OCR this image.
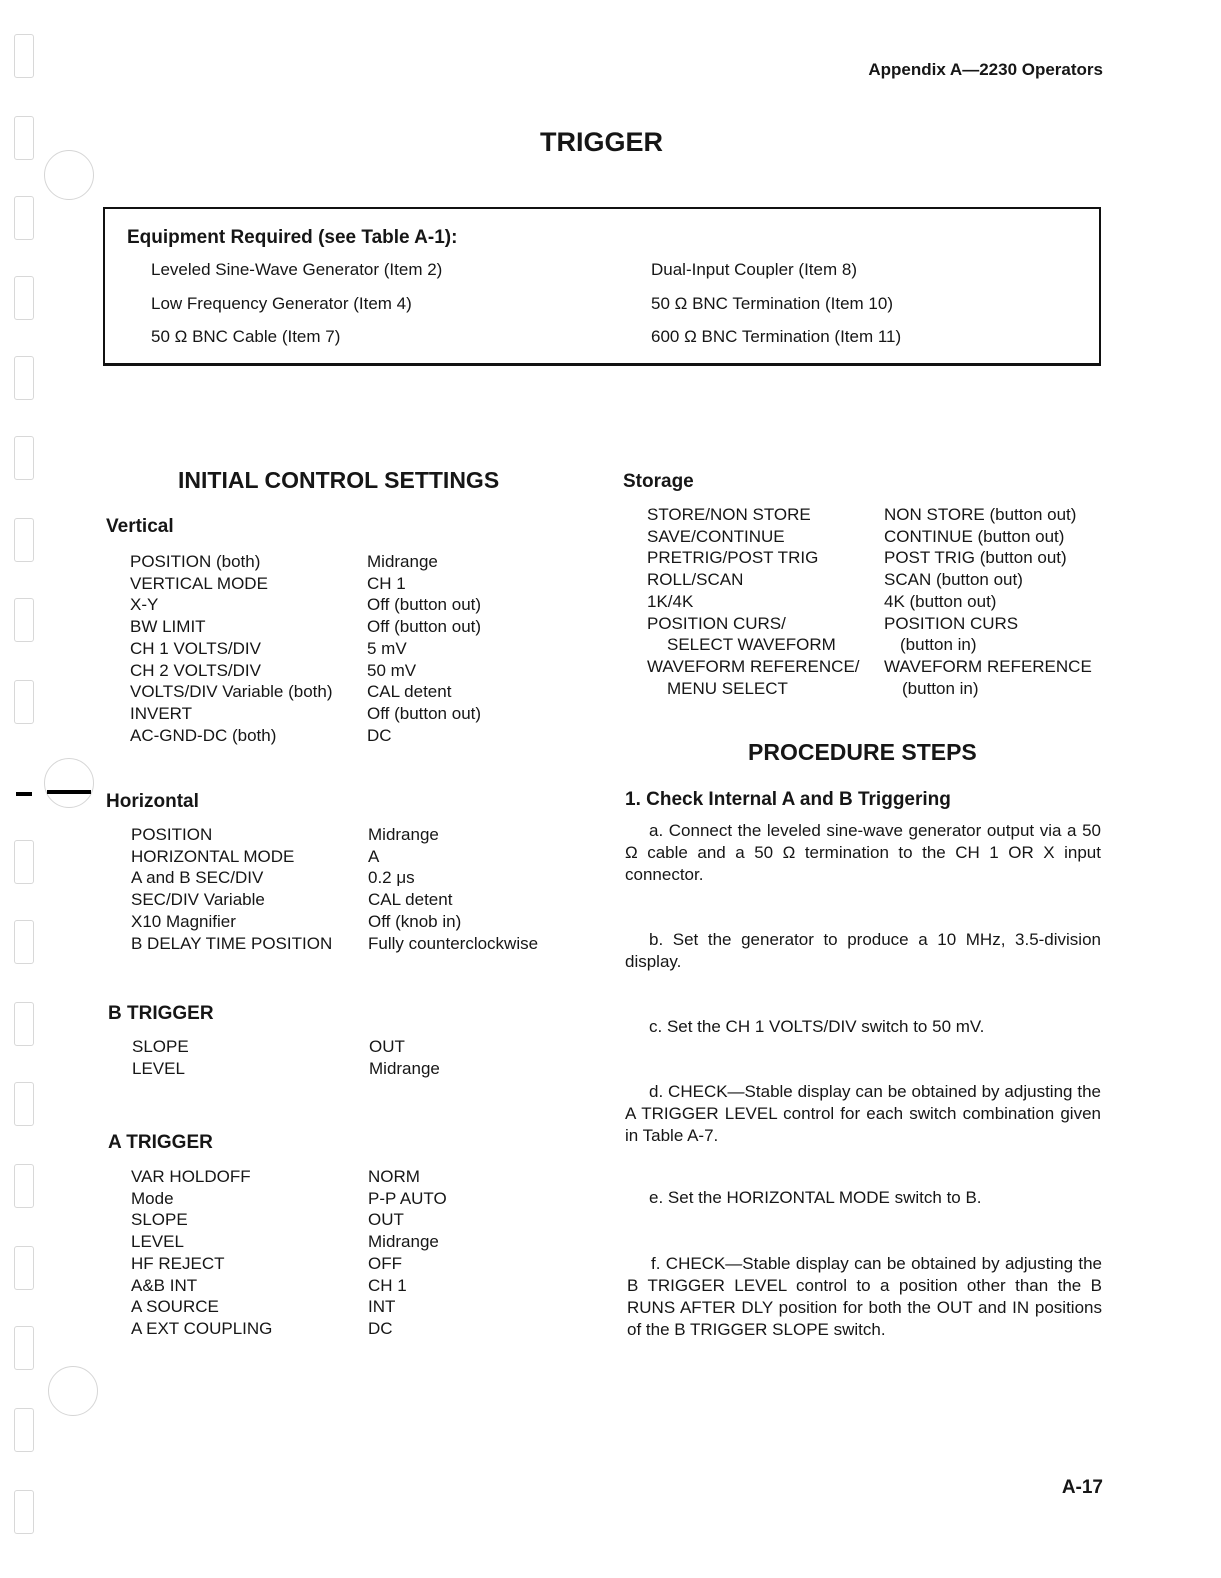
Appendix A—2230 Operators
TRIGGER
Equipment Required (see Table A-1):
Leveled Sine-Wave Generator (Item 2)
Low Frequency Generator (Item 4)
50 Ω BNC Cable (Item 7)
Dual-Input Coupler (Item 8)
50 Ω BNC Termination (Item 10)
600 Ω BNC Termination (Item 11)
INITIAL CONTROL SETTINGS
Vertical
POSITION (both)
VERTICAL MODE
X-Y
BW LIMIT
CH 1 VOLTS/DIV
CH 2 VOLTS/DIV
VOLTS/DIV Variable (both)
INVERT
AC-GND-DC (both)
Midrange
CH 1
Off (button out)
Off (button out)
5 mV
50 mV
CAL detent
Off (button out)
DC
Horizontal
POSITION
HORIZONTAL MODE
A and B SEC/DIV
SEC/DIV Variable
X10 Magnifier
B DELAY TIME POSITION
Midrange
A
0.2 μs
CAL detent
Off (knob in)
Fully counterclockwise
B TRIGGER
SLOPE
LEVEL
OUT
Midrange
A TRIGGER
VAR HOLDOFF
Mode
SLOPE
LEVEL
HF REJECT
A&B INT
A SOURCE
A EXT COUPLING
NORM
P-P AUTO
OUT
Midrange
OFF
CH 1
INT
DC
Storage
STORE/NON STORE
SAVE/CONTINUE
PRETRIG/POST TRIG
ROLL/SCAN
1K/4K
POSITION CURS/
SELECT WAVEFORM
WAVEFORM REFERENCE/
MENU SELECT
NON STORE (button out)
CONTINUE (button out)
POST TRIG (button out)
SCAN (button out)
4K (button out)
POSITION CURS
(button in)
WAVEFORM REFERENCE
(button in)
PROCEDURE STEPS
1. Check Internal A and B Triggering
a. Connect the leveled sine-wave generator output via a 50 Ω cable and a 50 Ω termination to the CH 1 OR X input connector.
b. Set the generator to produce a 10 MHz, 3.5-division display.
c. Set the CH 1 VOLTS/DIV switch to 50 mV.
d. CHECK—Stable display can be obtained by adjusting the A TRIGGER LEVEL control for each switch combination given in Table A-7.
e. Set the HORIZONTAL MODE switch to B.
f. CHECK—Stable display can be obtained by adjusting the B TRIGGER LEVEL control to a position other than the B RUNS AFTER DLY position for both the OUT and IN positions of the B TRIGGER SLOPE switch.
A-17
